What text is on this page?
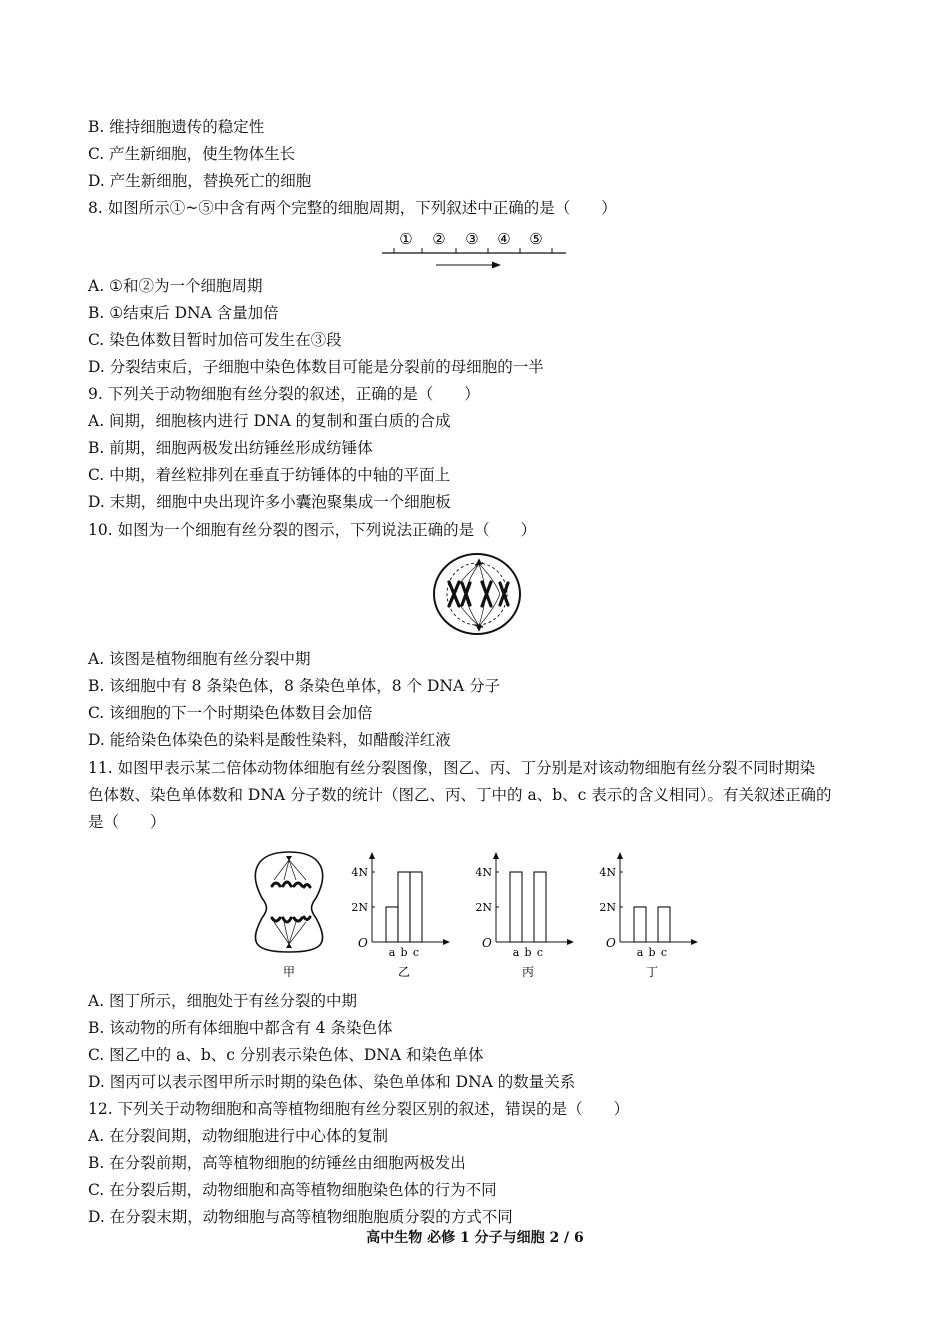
B. 维持细胞遗传的稳定性
C. 产生新细胞，使生物体生长
D. 产生新细胞，替换死亡的细胞
8. 如图所示①~⑤中含有两个完整的细胞周期，下列叙述中正确的是（　　）
① ② ③ ④ ⑤
A. ①和②为一个细胞周期
B. ①结束后 DNA 含量加倍
C. 染色体数目暂时加倍可发生在③段
D. 分裂结束后，子细胞中染色体数目可能是分裂前的母细胞的一半
9. 下列关于动物细胞有丝分裂的叙述，正确的是（　　）
A. 间期，细胞核内进行 DNA 的复制和蛋白质的合成
B. 前期，细胞两极发出纺锤丝形成纺锤体
C. 中期，着丝粒排列在垂直于纺锤体的中轴的平面上
D. 末期，细胞中央出现许多小囊泡聚集成一个细胞板
10. 如图为一个细胞有丝分裂的图示，下列说法正确的是（　　）
A. 该图是植物细胞有丝分裂中期
B. 该细胞中有 8 条染色体，8 条染色单体，8 个 DNA 分子
C. 该细胞的下一个时期染色体数目会加倍
D. 能给染色体染色的染料是酸性染料，如醋酸洋红液
11. 如图甲表示某二倍体动物体细胞有丝分裂图像，图乙、丙、丁分别是对该动物细胞有丝分裂不同时期染
色体数、染色单体数和 DNA 分子数的统计（图乙、丙、丁中的 a、b、c 表示的含义相同）。有关叙述正确的
是（　　）
甲
O
4N
2N
a b c
乙
O
4N
2N
a b c
丙
O
4N
2N
a b c
丁
A. 图丁所示，细胞处于有丝分裂的中期
B. 该动物的所有体细胞中都含有 4 条染色体
C. 图乙中的 a、b、c 分别表示染色体、DNA 和染色单体
D. 图丙可以表示图甲所示时期的染色体、染色单体和 DNA 的数量关系
12. 下列关于动物细胞和高等植物细胞有丝分裂区别的叙述，错误的是（　　）
A. 在分裂间期，动物细胞进行中心体的复制
B. 在分裂前期，高等植物细胞的纺锤丝由细胞两极发出
C. 在分裂后期，动物细胞和高等植物细胞染色体的行为不同
D. 在分裂末期，动物细胞与高等植物细胞胞质分裂的方式不同
高中生物 必修 1 分子与细胞 2 / 6
